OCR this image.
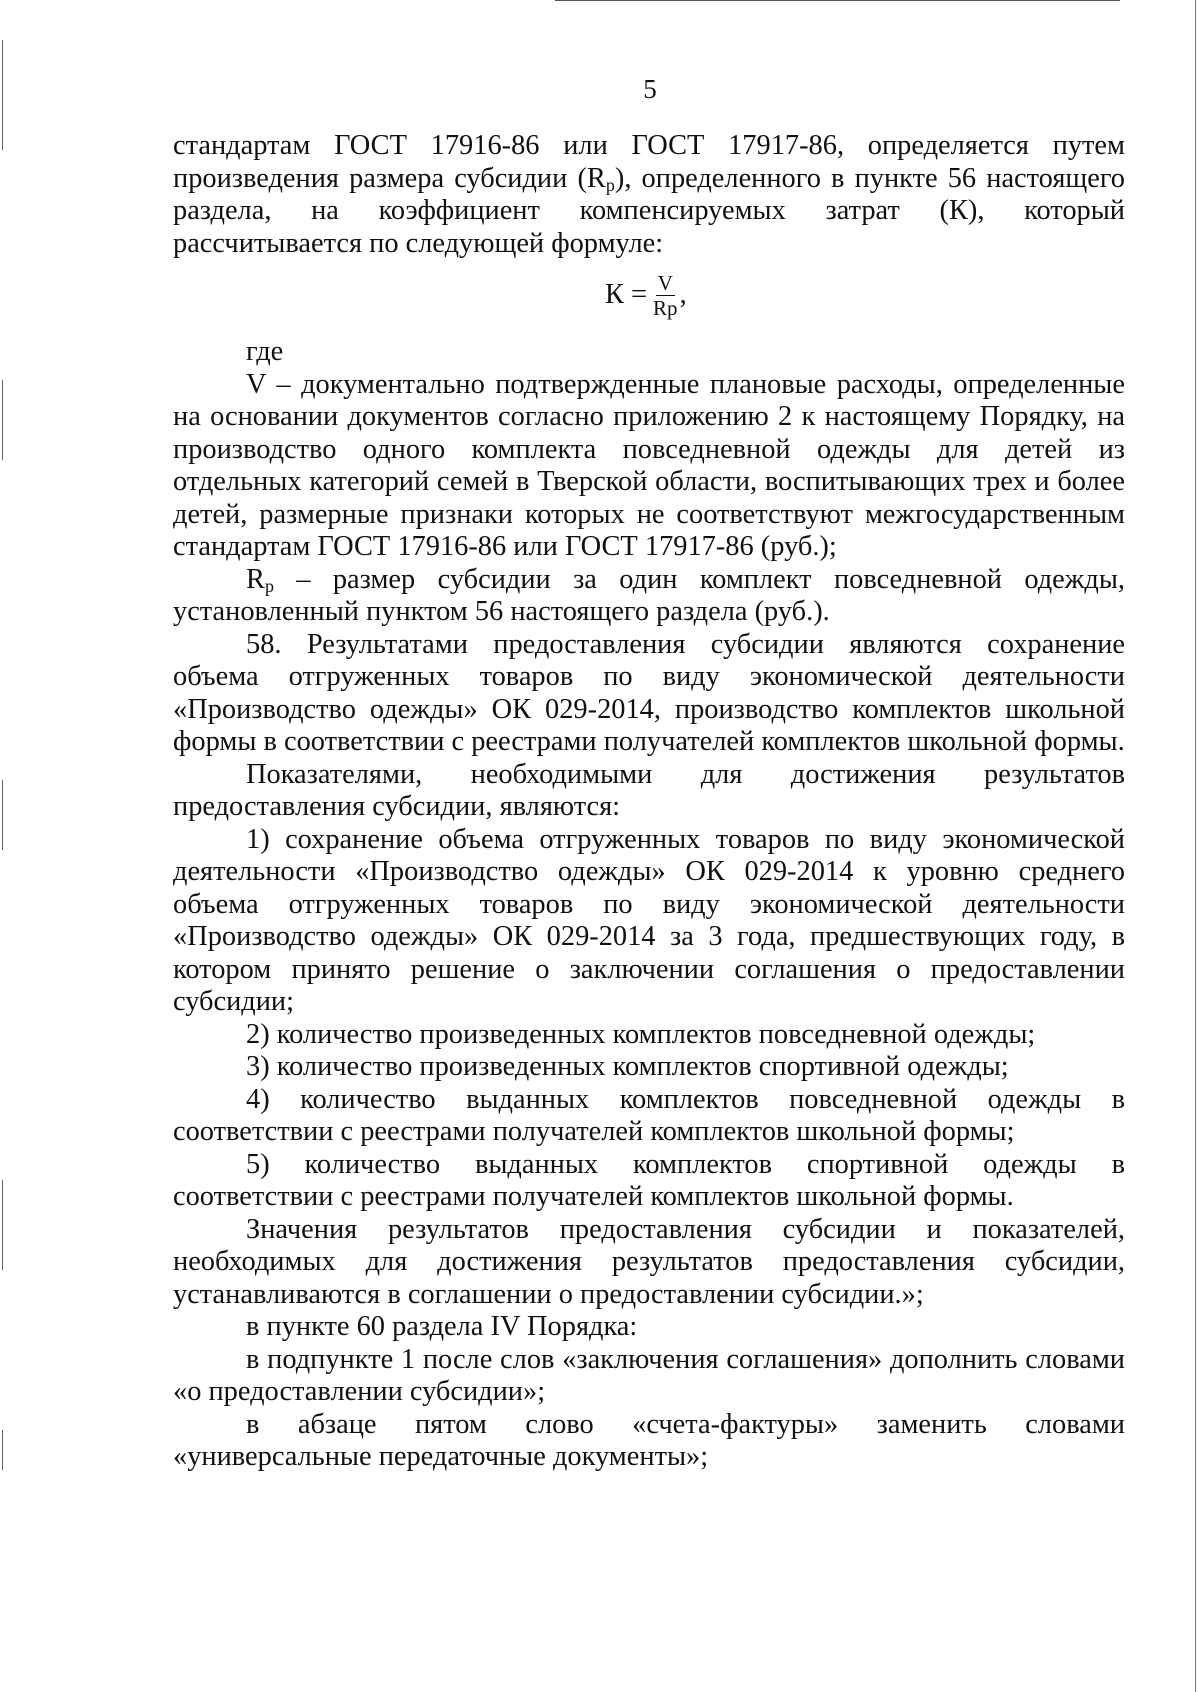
5

стандартам ГОСТ 17916-86 или ГОСТ 17917-86, определяется путем произведения размера субсидии $(R_р)$, определенного в пункте 56 настоящего раздела, на коэффициент компенсируемых затрат (К), который рассчитывается по следующей формуле:

$К = \frac{V}{Rp}$ ,

где

V – документально подтвержденные плановые расходы, определенные на основании документов согласно приложению 2 к настоящему Порядку, на производство одного комплекта повседневной одежды для детей из отдельных категорий семей в Тверской области, воспитывающих трех и более детей, размерные признаки которых не соответствуют межгосударственным стандартам ГОСТ 17916-86 или ГОСТ 17917-86 (руб.);

$R_р$ – размер субсидии за один комплект повседневной одежды, установленный пунктом 56 настоящего раздела (руб.).

58. Результатами предоставления субсидии являются сохранение объема отгруженных товаров по виду экономической деятельности «Производство одежды» ОК 029-2014, производство комплектов школьной формы в соответствии с реестрами получателей комплектов школьной формы.

Показателями, необходимыми для достижения результатов предоставления субсидии, являются:

1) сохранение объема отгруженных товаров по виду экономической деятельности «Производство одежды» ОК 029-2014 к уровню среднего объема отгруженных товаров по виду экономической деятельности «Производство одежды» ОК 029-2014 за 3 года, предшествующих году, в котором принято решение о заключении соглашения о предоставлении субсидии;

2) количество произведенных комплектов повседневной одежды;

3) количество произведенных комплектов спортивной одежды;

4) количество выданных комплектов повседневной одежды в соответствии с реестрами получателей комплектов школьной формы;

5) количество выданных комплектов спортивной одежды в соответствии с реестрами получателей комплектов школьной формы.

Значения результатов предоставления субсидии и показателей, необходимых для достижения результатов предоставления субсидии, устанавливаются в соглашении о предоставлении субсидии.»;

в пункте 60 раздела IV Порядка:

в подпункте 1 после слов «заключения соглашения» дополнить словами «о предоставлении субсидии»;

в абзаце пятом слово «счета-фактуры» заменить словами «универсальные передаточные документы»;
